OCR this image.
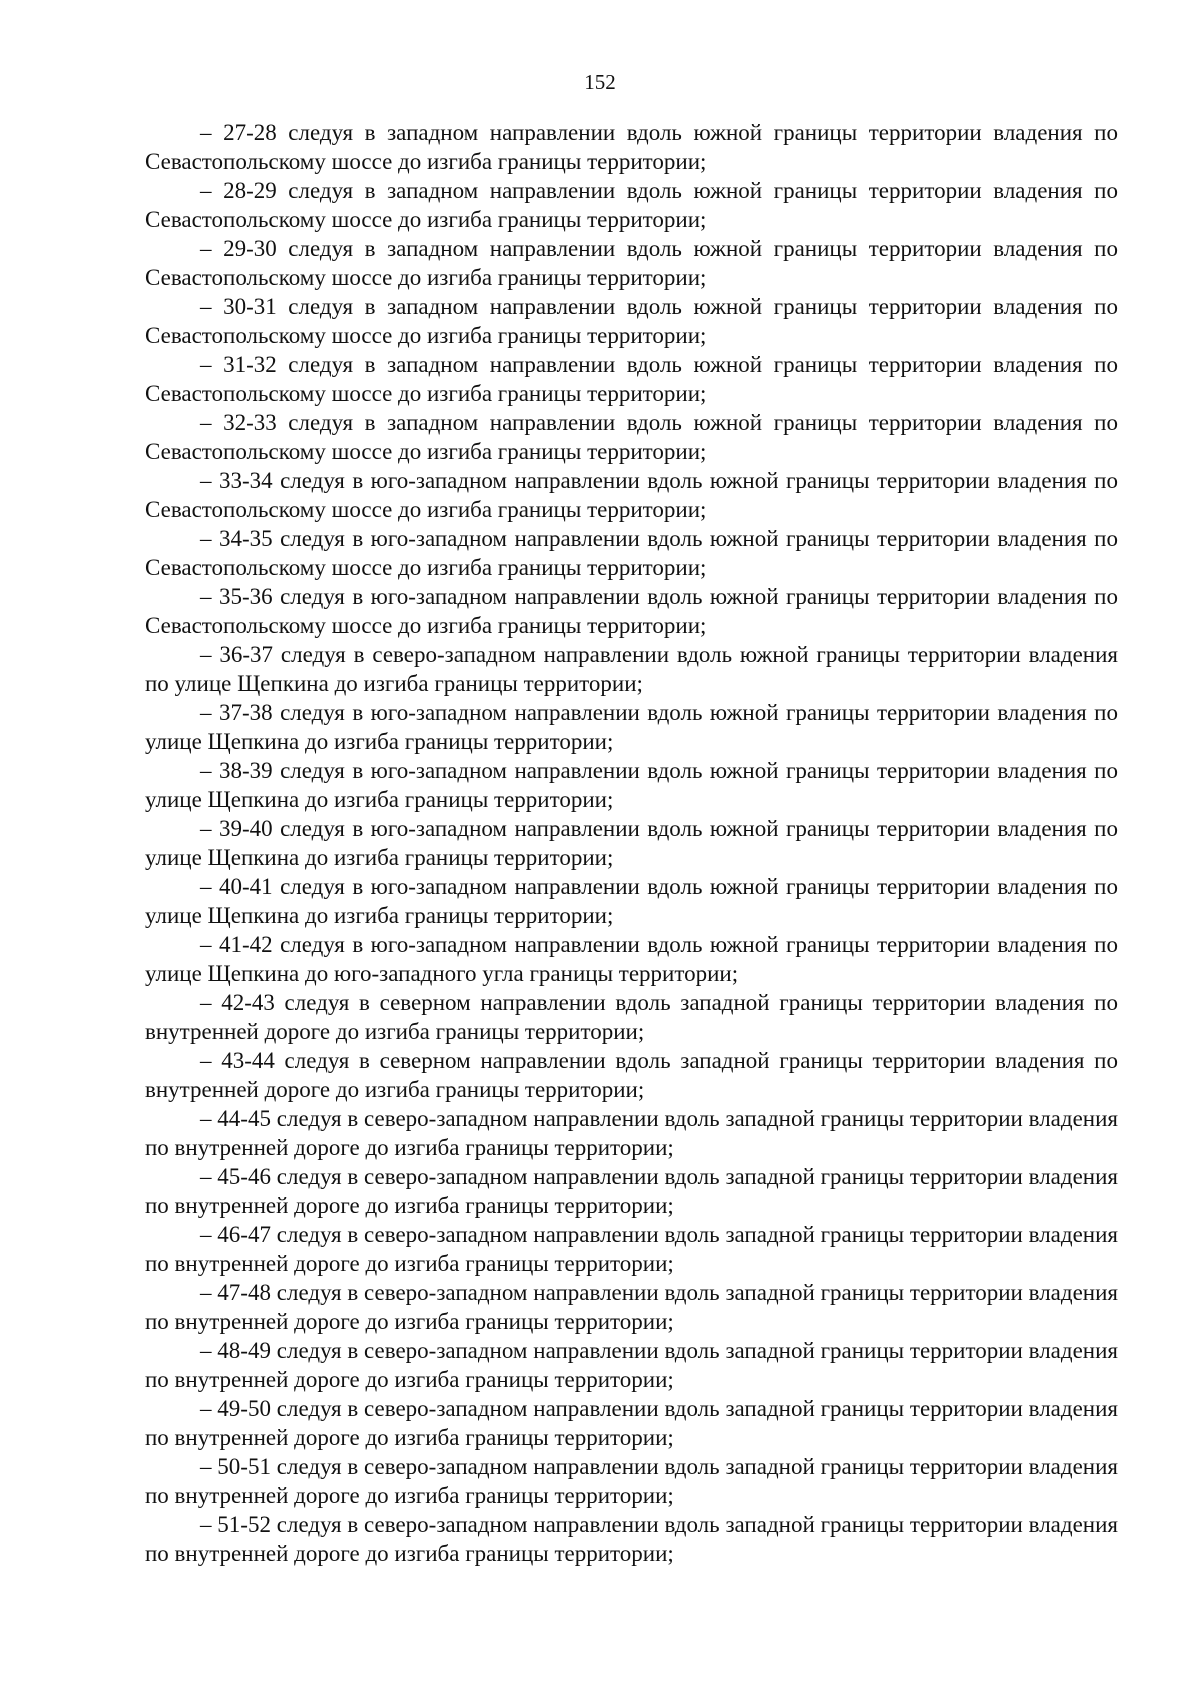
152

– 27-28 следуя в западном направлении вдоль южной границы территории владения по Севастопольскому шоссе до изгиба границы территории;

– 28-29 следуя в западном направлении вдоль южной границы территории владения по Севастопольскому шоссе до изгиба границы территории;

– 29-30 следуя в западном направлении вдоль южной границы территории владения по Севастопольскому шоссе до изгиба границы территории;

– 30-31 следуя в западном направлении вдоль южной границы территории владения по Севастопольскому шоссе до изгиба границы территории;

– 31-32 следуя в западном направлении вдоль южной границы территории владения по Севастопольскому шоссе до изгиба границы территории;

– 32-33 следуя в западном направлении вдоль южной границы территории владения по Севастопольскому шоссе до изгиба границы территории;

– 33-34 следуя в юго-западном направлении вдоль южной границы территории владения по Севастопольскому шоссе до изгиба границы территории;

– 34-35 следуя в юго-западном направлении вдоль южной границы территории владения по Севастопольскому шоссе до изгиба границы территории;

– 35-36 следуя в юго-западном направлении вдоль южной границы территории владения по Севастопольскому шоссе до изгиба границы территории;

– 36-37 следуя в северо-западном направлении вдоль южной границы территории владения по улице Щепкина до изгиба границы территории;

– 37-38 следуя в юго-западном направлении вдоль южной границы территории владения по улице Щепкина до изгиба границы территории;

– 38-39 следуя в юго-западном направлении вдоль южной границы территории владения по улице Щепкина до изгиба границы территории;

– 39-40 следуя в юго-западном направлении вдоль южной границы территории владения по улице Щепкина до изгиба границы территории;

– 40-41 следуя в юго-западном направлении вдоль южной границы территории владения по улице Щепкина до изгиба границы территории;

– 41-42 следуя в юго-западном направлении вдоль южной границы территории владения по улице Щепкина до юго-западного угла границы территории;

– 42-43 следуя в северном направлении вдоль западной границы территории владения по внутренней дороге до изгиба границы территории;

– 43-44 следуя в северном направлении вдоль западной границы территории владения по внутренней дороге до изгиба границы территории;

– 44-45 следуя в северо-западном направлении вдоль западной границы территории владения по внутренней дороге до изгиба границы территории;

– 45-46 следуя в северо-западном направлении вдоль западной границы территории владения по внутренней дороге до изгиба границы территории;

– 46-47 следуя в северо-западном направлении вдоль западной границы территории владения по внутренней дороге до изгиба границы территории;

– 47-48 следуя в северо-западном направлении вдоль западной границы территории владения по внутренней дороге до изгиба границы территории;

– 48-49 следуя в северо-западном направлении вдоль западной границы территории владения по внутренней дороге до изгиба границы территории;

– 49-50 следуя в северо-западном направлении вдоль западной границы территории владения по внутренней дороге до изгиба границы территории;

– 50-51 следуя в северо-западном направлении вдоль западной границы территории владения по внутренней дороге до изгиба границы территории;

– 51-52 следуя в северо-западном направлении вдоль западной границы территории владения по внутренней дороге до изгиба границы территории;
